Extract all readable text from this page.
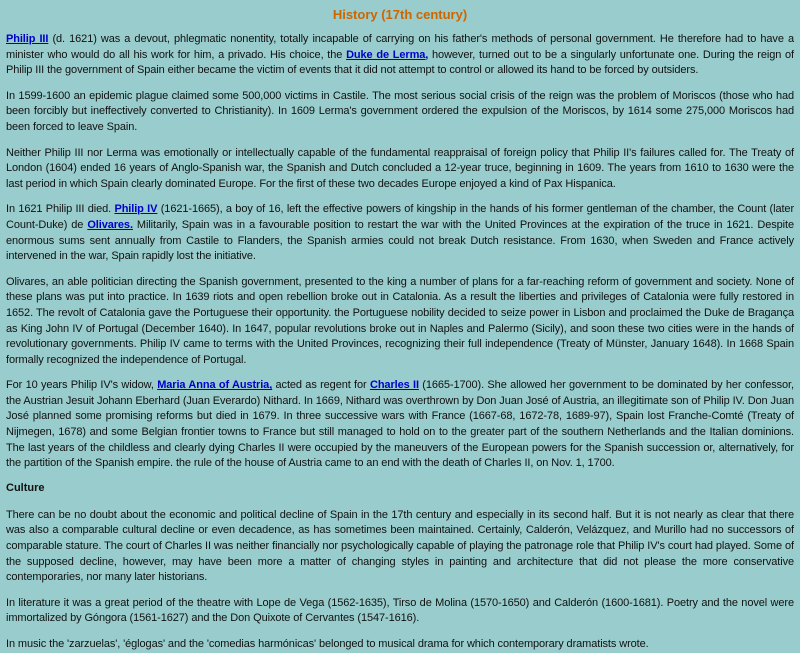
History (17th century)

Philip III (d. 1621) was a devout, phlegmatic nonentity, totally incapable of carrying on his father's methods of personal government. He therefore had to have a minister who would do all his work for him, a privado. His choice, the Duke de Lerma, however, turned out to be a singularly unfortunate one. During the reign of Philip III the government of Spain either became the victim of events that it did not attempt to control or allowed its hand to be forced by outsiders.

In 1599-1600 an epidemic plague claimed some 500,000 victims in Castile. The most serious social crisis of the reign was the problem of Moriscos (those who had been forcibly but ineffectively converted to Christianity). In 1609 Lerma's government ordered the expulsion of the Moriscos, by 1614 some 275,000 Moriscos had been forced to leave Spain.

Neither Philip III nor Lerma was emotionally or intellectually capable of the fundamental reappraisal of foreign policy that Philip II's failures called for. The Treaty of London (1604) ended 16 years of Anglo-Spanish war, the Spanish and Dutch concluded a 12-year truce, beginning in 1609. The years from 1610 to 1630 were the last period in which Spain clearly dominated Europe. For the first of these two decades Europe enjoyed a kind of Pax Hispanica.

In 1621 Philip III died. Philip IV (1621-1665), a boy of 16, left the effective powers of kingship in the hands of his former gentleman of the chamber, the Count (later Count-Duke) de Olivares. Militarily, Spain was in a favourable position to restart the war with the United Provinces at the expiration of the truce in 1621. Despite enormous sums sent annually from Castile to Flanders, the Spanish armies could not break Dutch resistance. From 1630, when Sweden and France actively intervened in the war, Spain rapidly lost the initiative.

Olivares, an able politician directing the Spanish government, presented to the king a number of plans for a far-reaching reform of government and society. None of these plans was put into practice. In 1639 riots and open rebellion broke out in Catalonia. As a result the liberties and privileges of Catalonia were fully restored in 1652. The revolt of Catalonia gave the Portuguese their opportunity. the Portuguese nobility decided to seize power in Lisbon and proclaimed the Duke de Bragança as King John IV of Portugal (December 1640). In 1647, popular revolutions broke out in Naples and Palermo (Sicily), and soon these two cities were in the hands of revolutionary governments. Philip IV came to terms with the United Provinces, recognizing their full independence (Treaty of Münster, January 1648). In 1668 Spain formally recognized the independence of Portugal.

For 10 years Philip IV's widow, Maria Anna of Austria, acted as regent for Charles II (1665-1700). She allowed her government to be dominated by her confessor, the Austrian Jesuit Johann Eberhard (Juan Everardo) Nithard. In 1669, Nithard was overthrown by Don Juan José of Austria, an illegitimate son of Philip IV. Don Juan José planned some promising reforms but died in 1679. In three successive wars with France (1667-68, 1672-78, 1689-97), Spain lost Franche-Comté (Treaty of Nijmegen, 1678) and some Belgian frontier towns to France but still managed to hold on to the greater part of the southern Netherlands and the Italian dominions. The last years of the childless and clearly dying Charles II were occupied by the maneuvers of the European powers for the Spanish succession or, alternatively, for the partition of the Spanish empire. the rule of the house of Austria came to an end with the death of Charles II, on Nov. 1, 1700.

Culture

There can be no doubt about the economic and political decline of Spain in the 17th century and especially in its second half. But it is not nearly as clear that there was also a comparable cultural decline or even decadence, as has sometimes been maintained. Certainly, Calderón, Velázquez, and Murillo had no successors of comparable stature. The court of Charles II was neither financially nor psychologically capable of playing the patronage role that Philip IV's court had played. Some of the supposed decline, however, may have been more a matter of changing styles in painting and architecture that did not please the more conservative contemporaries, nor many later historians.

In literature it was a great period of the theatre with Lope de Vega (1562-1635), Tirso de Molina (1570-1650) and Calderón (1600-1681). Poetry and the novel were immortalized by Góngora (1561-1627) and the Don Quixote of Cervantes (1547-1616).

In music the 'zarzuelas', 'églogas' and the 'comedias harmónicas' belonged to musical drama for which contemporary dramatists wrote.
